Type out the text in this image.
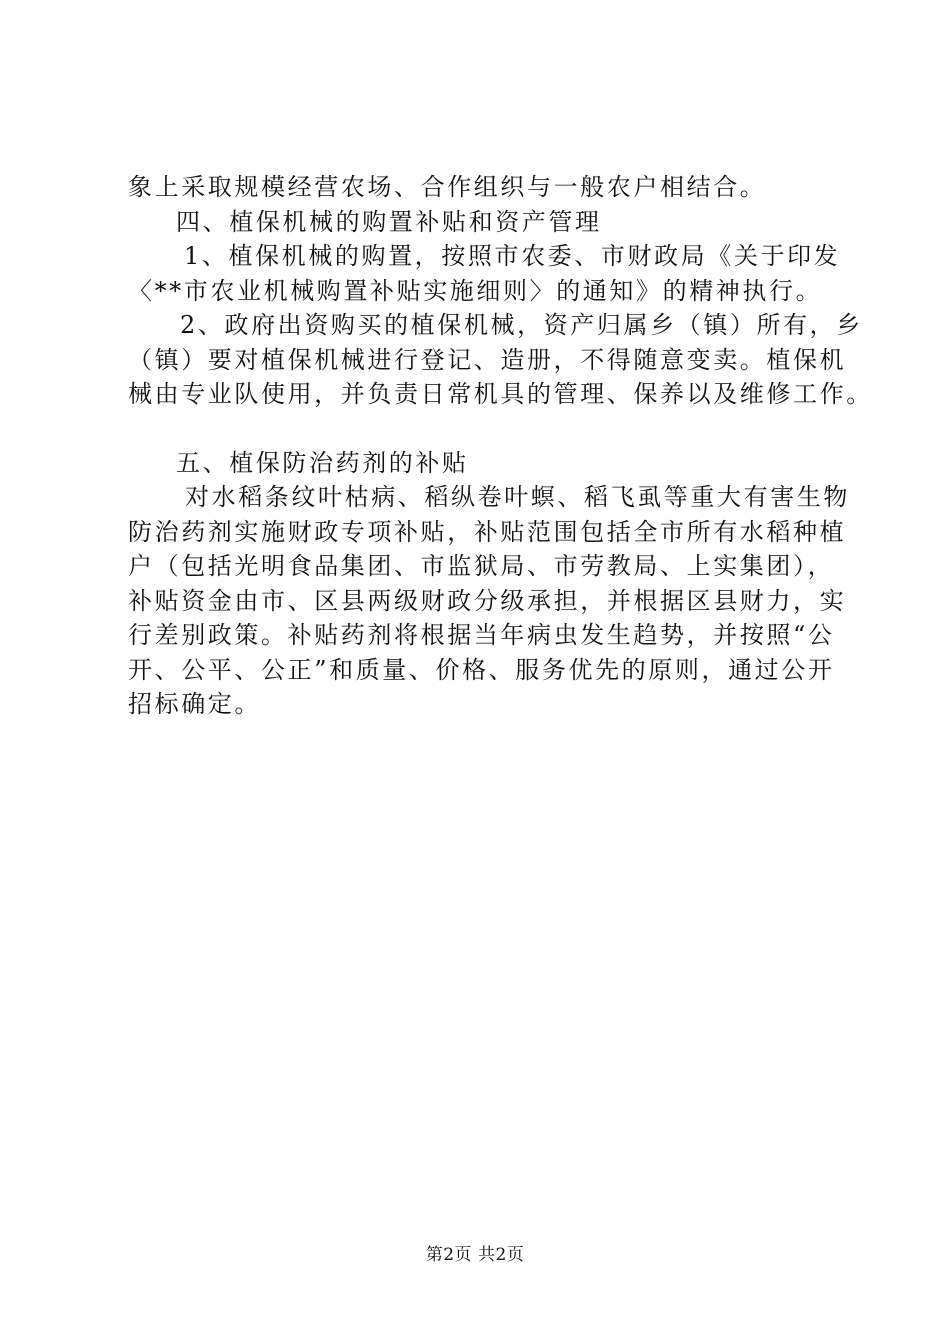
象上采取规模经营农场、合作组织与一般农户相结合。
四、植保机械的购置补贴和资产管理
1、植保机械的购置，按照市农委、市财政局《关于印发
〈**市农业机械购置补贴实施细则〉的通知》的精神执行。
2、政府出资购买的植保机械，资产归属乡（镇）所有，乡
（镇）要对植保机械进行登记、造册，不得随意变卖。植保机
械由专业队使用，并负责日常机具的管理、保养以及维修工作。
五、植保防治药剂的补贴
对水稻条纹叶枯病、稻纵卷叶螟、稻飞虱等重大有害生物
防治药剂实施财政专项补贴，补贴范围包括全市所有水稻种植
户（包括光明食品集团、市监狱局、市劳教局、上实集团），
补贴资金由市、区县两级财政分级承担，并根据区县财力，实
行差别政策。补贴药剂将根据当年病虫发生趋势，并按照“公
开、公平、公正”和质量、价格、服务优先的原则，通过公开
招标确定。
第2页 共2页
